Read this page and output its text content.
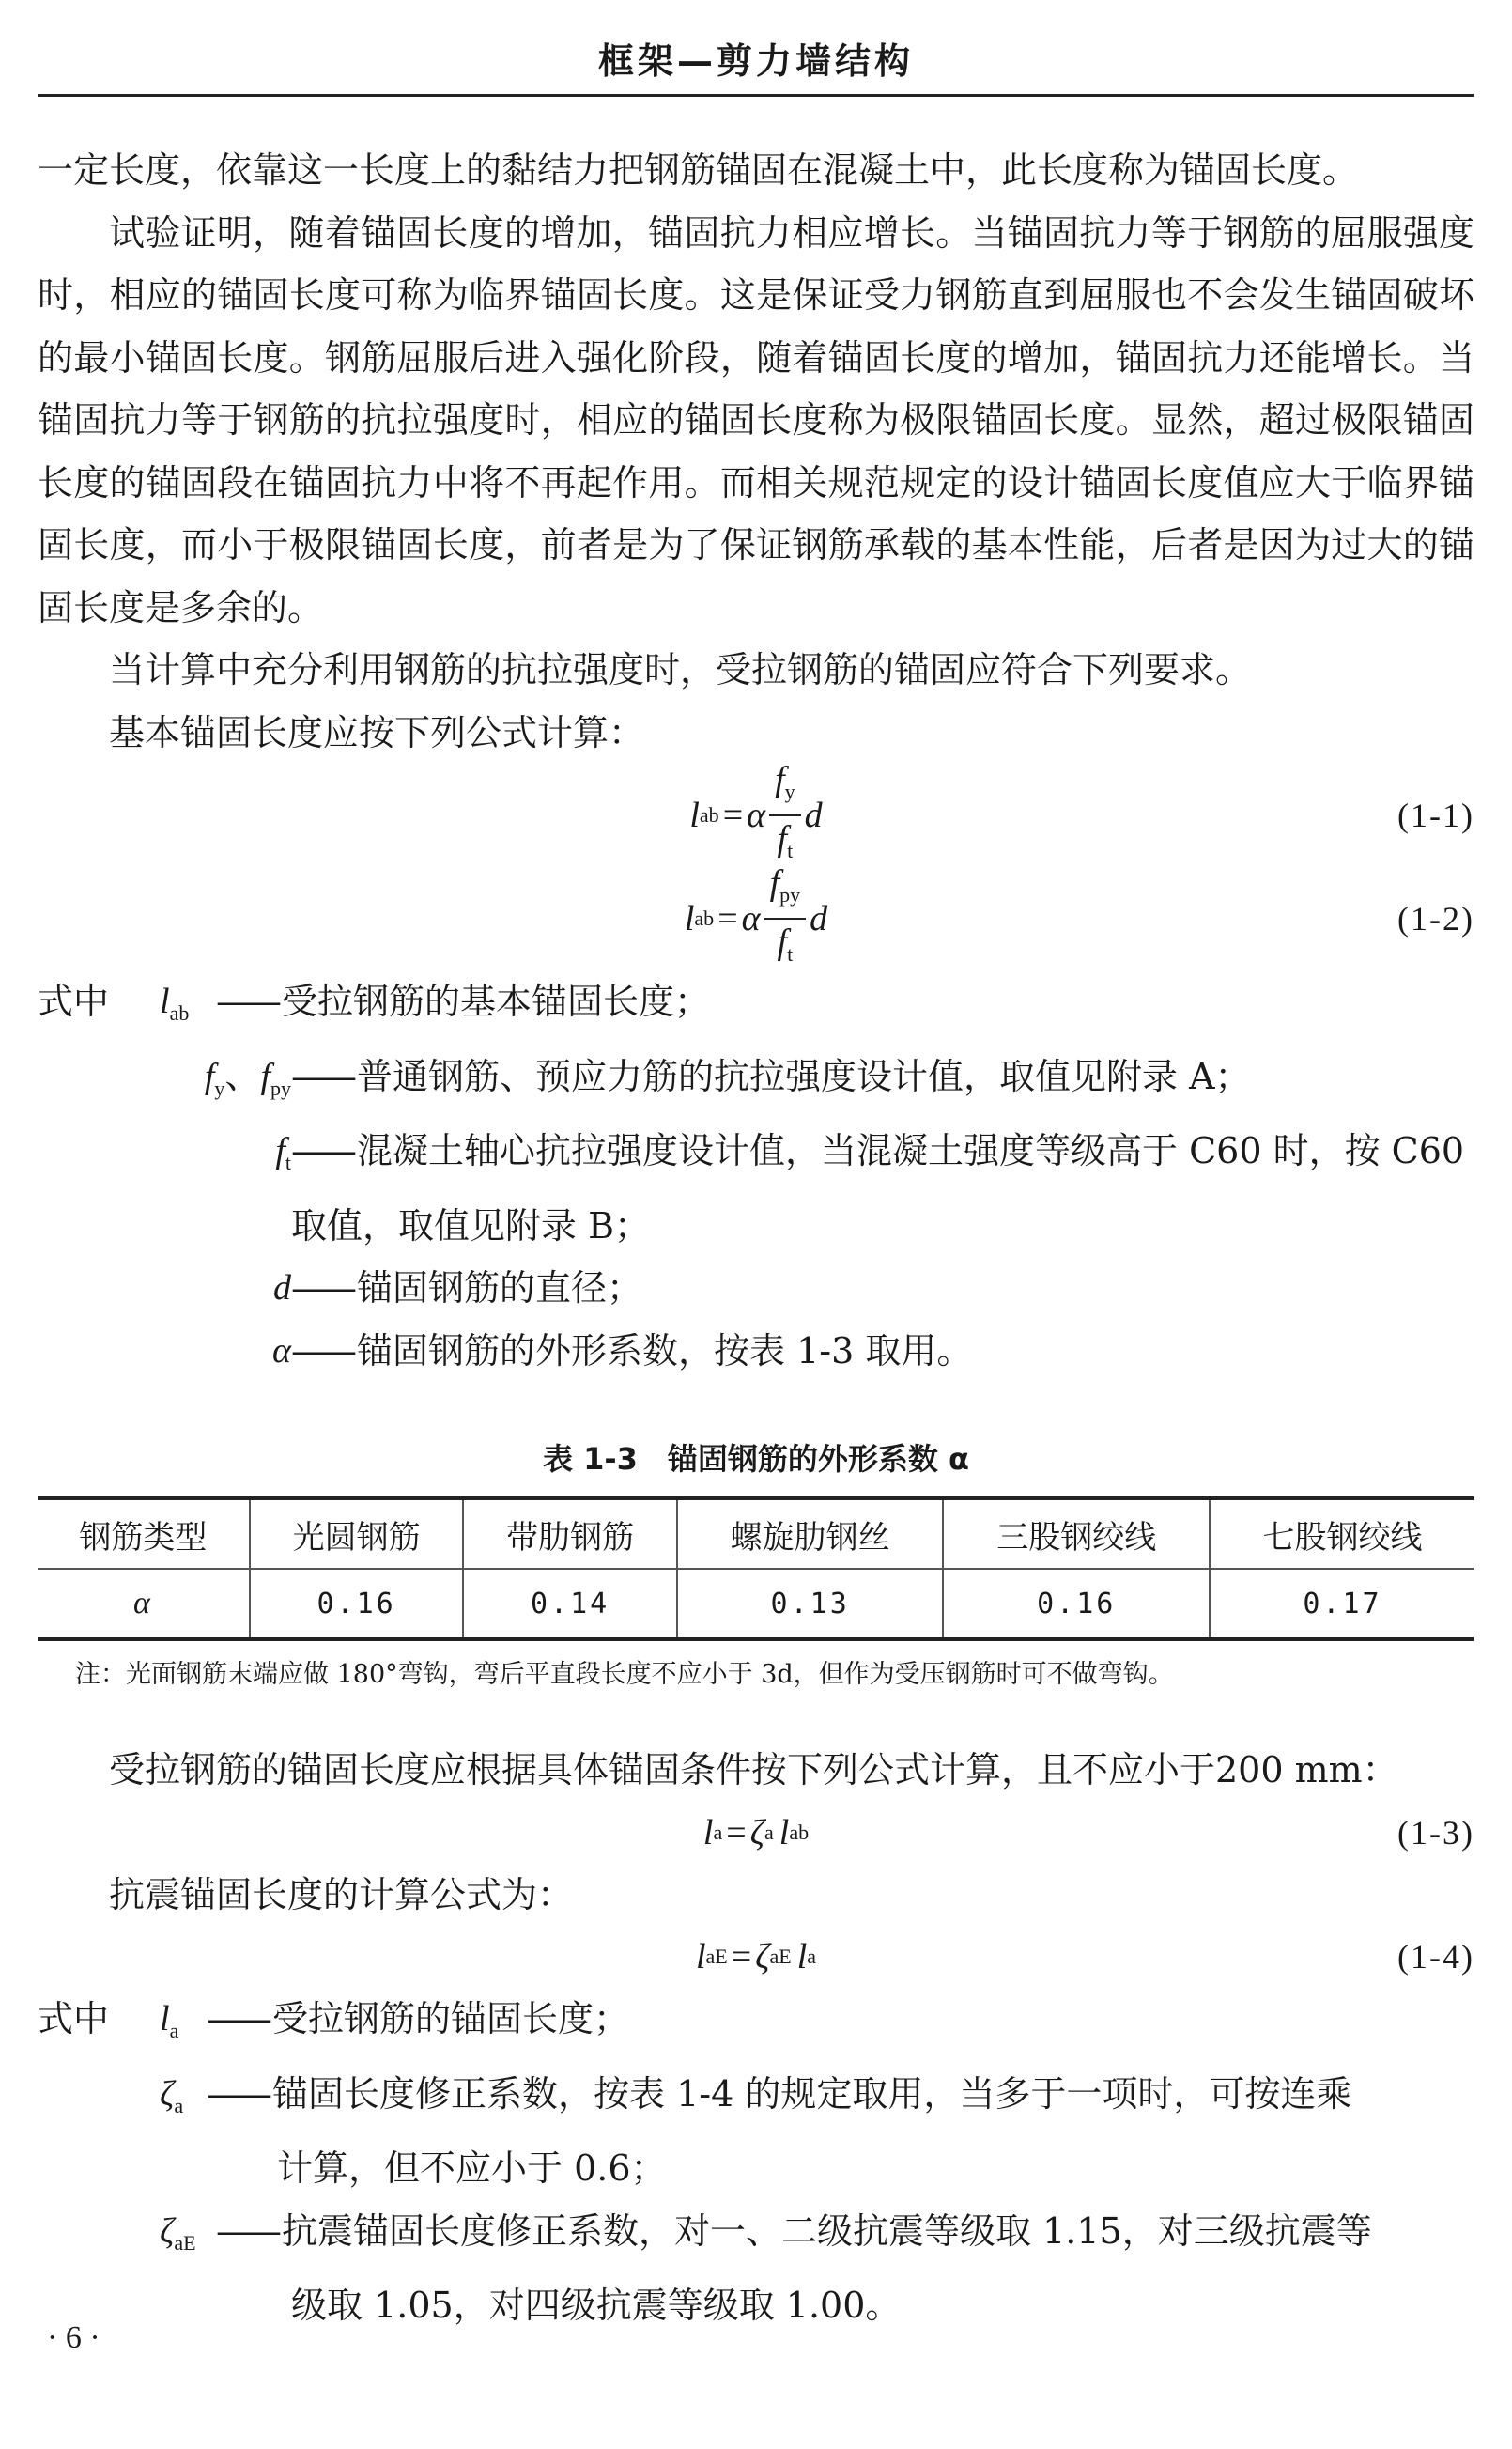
框架—剪力墙结构

一定长度，依靠这一长度上的黏结力把钢筋锚固在混凝土中，此长度称为锚固长度。

试验证明，随着锚固长度的增加，锚固抗力相应增长。当锚固抗力等于钢筋的屈服强度时，相应的锚固长度可称为临界锚固长度。这是保证受力钢筋直到屈服也不会发生锚固破坏的最小锚固长度。钢筋屈服后进入强化阶段，随着锚固长度的增加，锚固抗力还能增长。当锚固抗力等于钢筋的抗拉强度时，相应的锚固长度称为极限锚固长度。显然，超过极限锚固长度的锚固段在锚固抗力中将不再起作用。而相关规范规定的设计锚固长度值应大于临界锚固长度，而小于极限锚固长度，前者是为了保证钢筋承载的基本性能，后者是因为过大的锚固长度是多余的。

当计算中充分利用钢筋的抗拉强度时，受拉钢筋的锚固应符合下列要求。

基本锚固长度应按下列公式计算：

l ab = α $\frac{f_y}{f_t}$ d	(1-1)
l ab = α $\frac{f_{py}}{f_t}$ d	(1-2)
式中	$l_{ab}$ —— 受拉钢筋的基本锚固长度；
$f_y$、$f_{py}$ —— 普通钢筋、预应力筋的抗拉强度设计值，取值见附录 A；
$f_t$ —— 混凝土轴心抗拉强度设计值，当混凝土强度等级高于 C60 时，按 C60
取值，取值见附录 B；
d —— 锚固钢筋的直径；
α —— 锚固钢筋的外形系数，按表 1-3 取用。
表 1-3　锚固钢筋的外形系数 α
钢筋类型	光圆钢筋	带肋钢筋	螺旋肋钢丝	三股钢绞线	七股钢绞线
α	0.16	0.14	0.13	0.16	0.17
注：光面钢筋末端应做 180°弯钩，弯后平直段长度不应小于 3d，但作为受压钢筋时可不做弯钩。

受拉钢筋的锚固长度应根据具体锚固条件按下列公式计算，且不应小于200 mm：

l a = ζ a l ab	(1-3)

抗震锚固长度的计算公式为：

l aE = ζ aE l a	(1-4)
式中	$l_a$ —— 受拉钢筋的锚固长度；
$\zeta_a$ —— 锚固长度修正系数，按表 1-4 的规定取用，当多于一项时，可按连乘
计算，但不应小于 0.6；
$\zeta_{aE}$ —— 抗震锚固长度修正系数，对一、二级抗震等级取 1.15，对三级抗震等
级取 1.05，对四级抗震等级取 1.00。
· 6 ·
